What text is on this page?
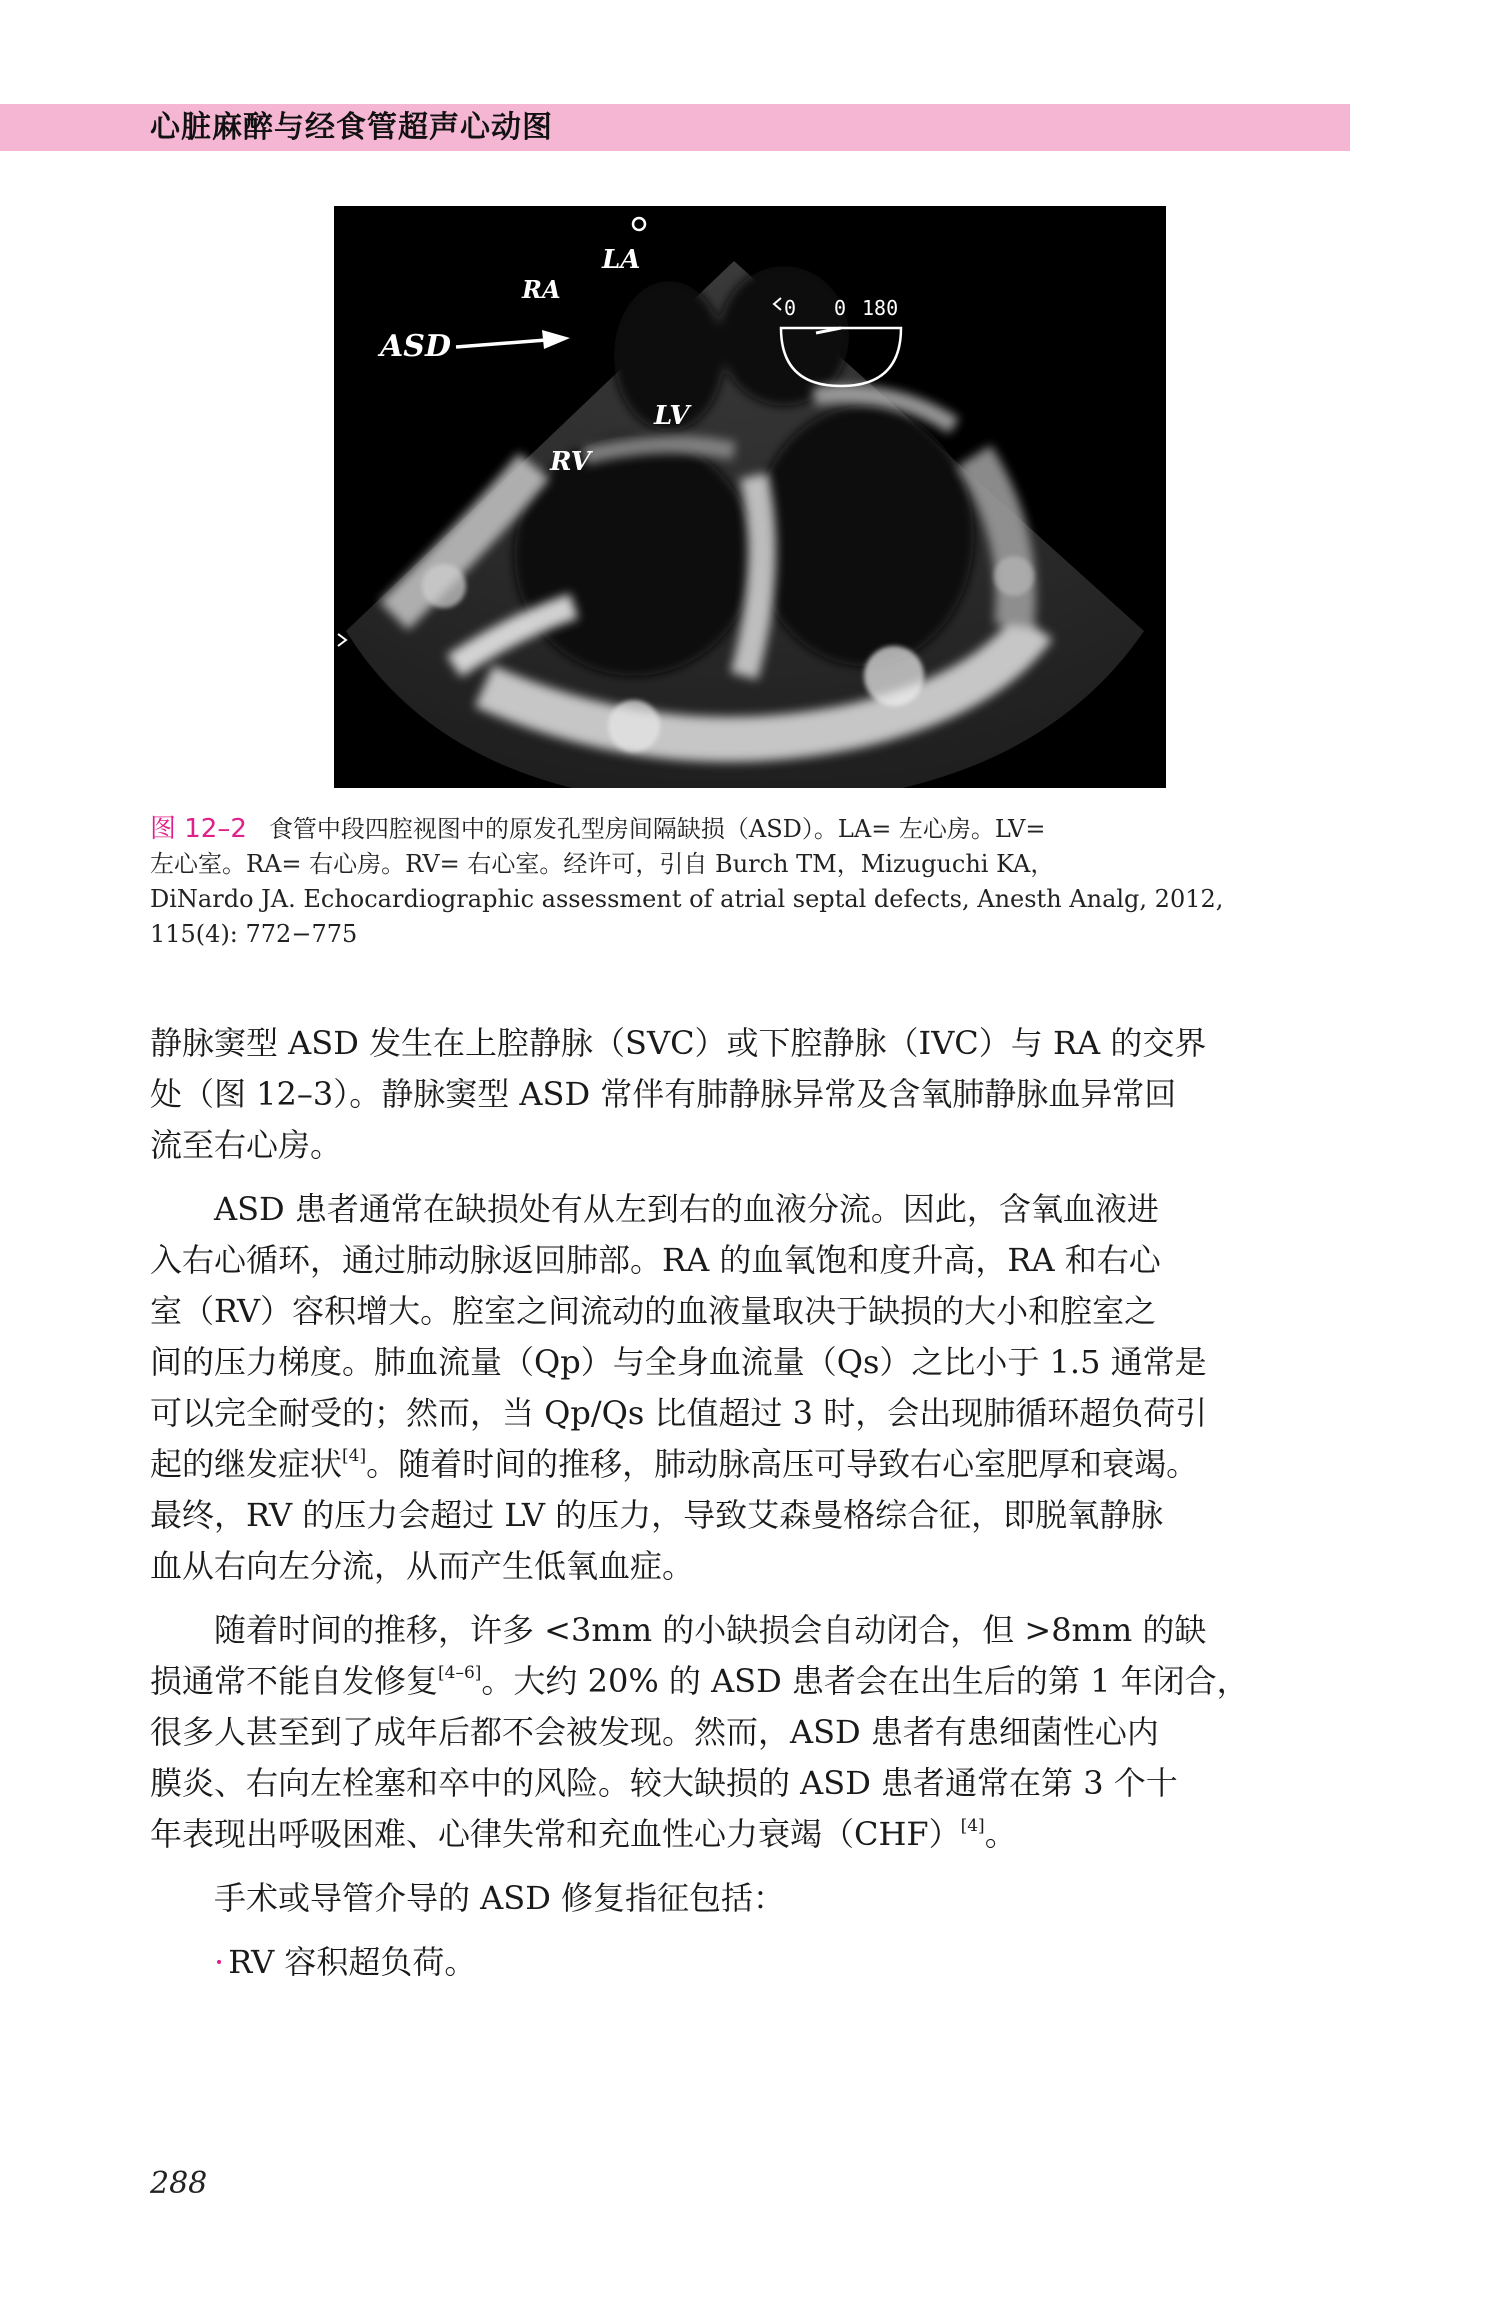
心脏麻醉与经食管超声心动图
LA
RA
ASD
LV
RV
0 0 180
图 12–2 食管中段四腔视图中的原发孔型房间隔缺损（ASD）。LA= 左心房。LV=
左心室。RA= 右心房。RV= 右心室。经许可，引自 Burch TM，Mizuguchi KA，
DiNardo JA. Echocardiographic assessment of atrial septal defects, Anesth Analg, 2012,
115(4): 772−775

静脉窦型 ASD 发生在上腔静脉（SVC）或下腔静脉（IVC）与 RA 的交界

处（图 12–3）。静脉窦型 ASD 常伴有肺静脉异常及含氧肺静脉血异常回

流至右心房。

　　ASD 患者通常在缺损处有从左到右的血液分流。因此，含氧血液进

入右心循环，通过肺动脉返回肺部。RA 的血氧饱和度升高，RA 和右心

室（RV）容积增大。腔室之间流动的血液量取决于缺损的大小和腔室之

间的压力梯度。肺血流量（Qp）与全身血流量（Qs）之比小于 1.5 通常是

可以完全耐受的；然而，当 Qp/Qs 比值超过 3 时，会出现肺循环超负荷引

起的继发症状[4]。随着时间的推移，肺动脉高压可导致右心室肥厚和衰竭。

最终，RV 的压力会超过 LV 的压力，导致艾森曼格综合征，即脱氧静脉

血从右向左分流，从而产生低氧血症。

　　随着时间的推移，许多 <3mm 的小缺损会自动闭合，但 >8mm 的缺

损通常不能自发修复[4–6]。大约 20% 的 ASD 患者会在出生后的第 1 年闭合，

很多人甚至到了成年后都不会被发现。然而，ASD 患者有患细菌性心内

膜炎、右向左栓塞和卒中的风险。较大缺损的 ASD 患者通常在第 3 个十

年表现出呼吸困难、心律失常和充血性心力衰竭（CHF）[4]。

　　手术或导管介导的 ASD 修复指征包括：

　　· RV 容积超负荷。

288
